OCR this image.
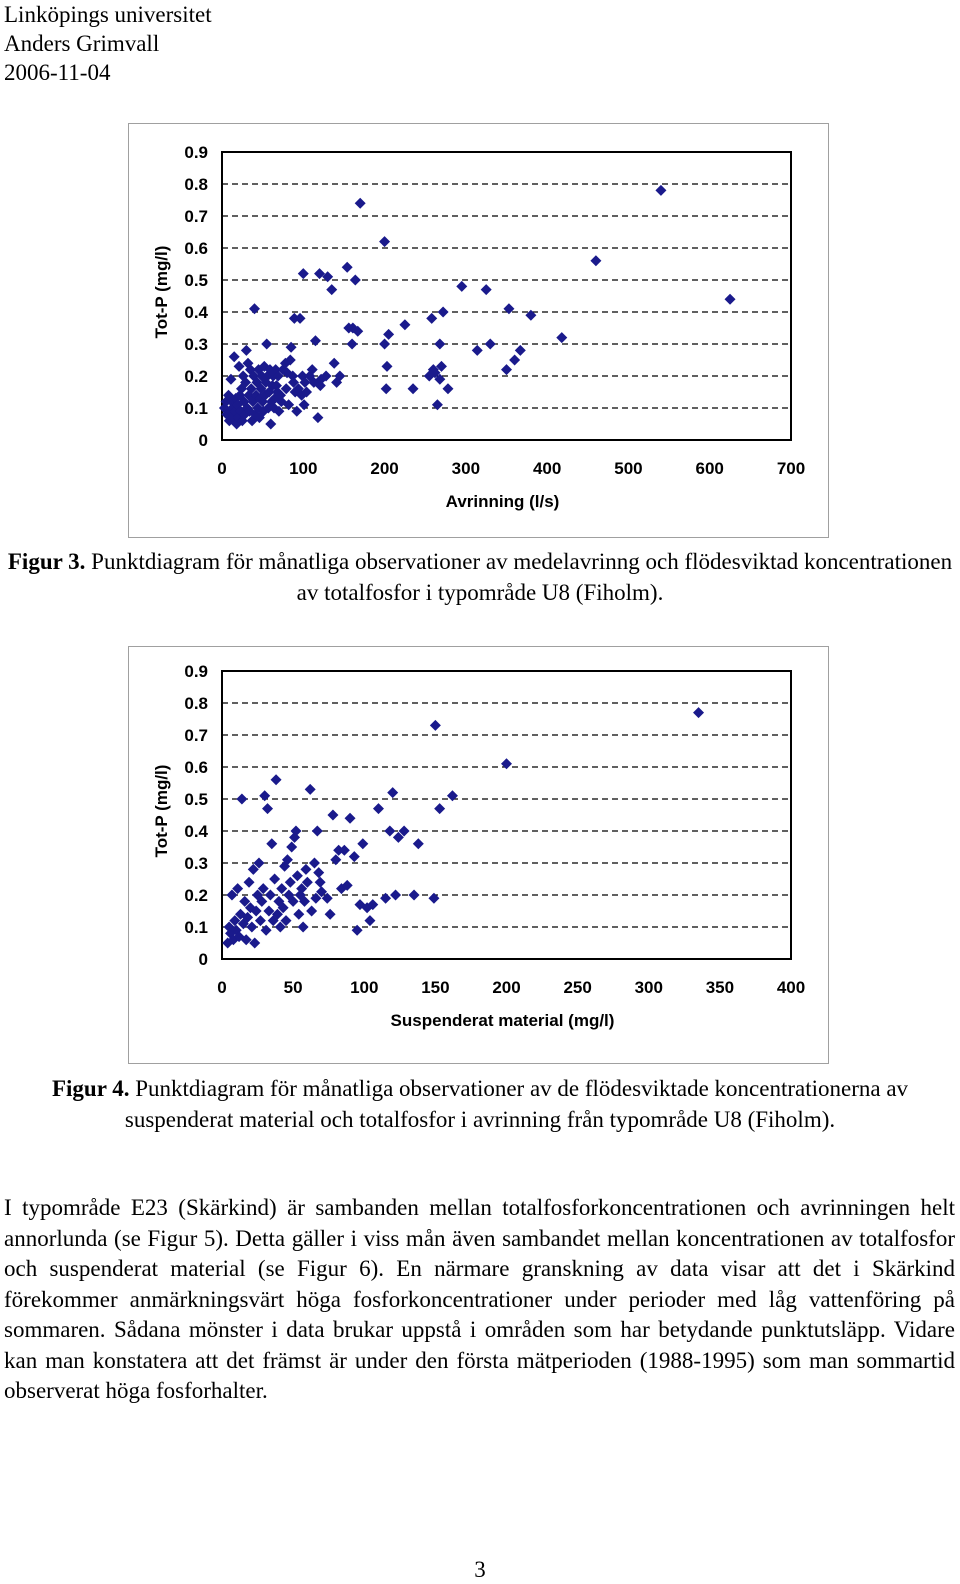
Linköpings universitet
Anders Grimvall
2006-11-04
0.9
0.8
0.7
0.6
0.5
0.4
0.3
0.2
0.1
0
0	100	200	300	400	500	600	700
Avrinning (l/s)
Tot-P (mg/l)
Figur 3. Punktdiagram för månatliga observationer av medelavrinng och flödesviktad koncentrationen av totalfosfor i typområde U8 (Fiholm).
0.9
0.8
0.7
0.6
0.5
0.4
0.3
0.2
0.1
0
0	50	100	150	200	250	300	350	400
Suspenderat material (mg/l)
Tot-P (mg/l)
Figur 4. Punktdiagram för månatliga observationer av de flödesviktade koncentrationerna av suspenderat material och totalfosfor i avrinning från typområde U8 (Fiholm).
I typområde E23 (Skärkind) är sambanden mellan totalfosforkoncentrationen och avrinningen helt annorlunda (se Figur 5). Detta gäller i viss mån även sambandet mellan koncentrationen av totalfosfor och suspenderat material (se Figur 6). En närmare granskning av data visar att det i Skärkind förekommer anmärkningsvärt höga fosforkoncentrationer under perioder med låg vattenföring på sommaren. Sådana mönster i data brukar uppstå i områden som har betydande punktutsläpp. Vidare kan man konstatera att det främst är under den första mätperioden (1988-1995) som man sommartid observerat höga fosforhalter.
3
